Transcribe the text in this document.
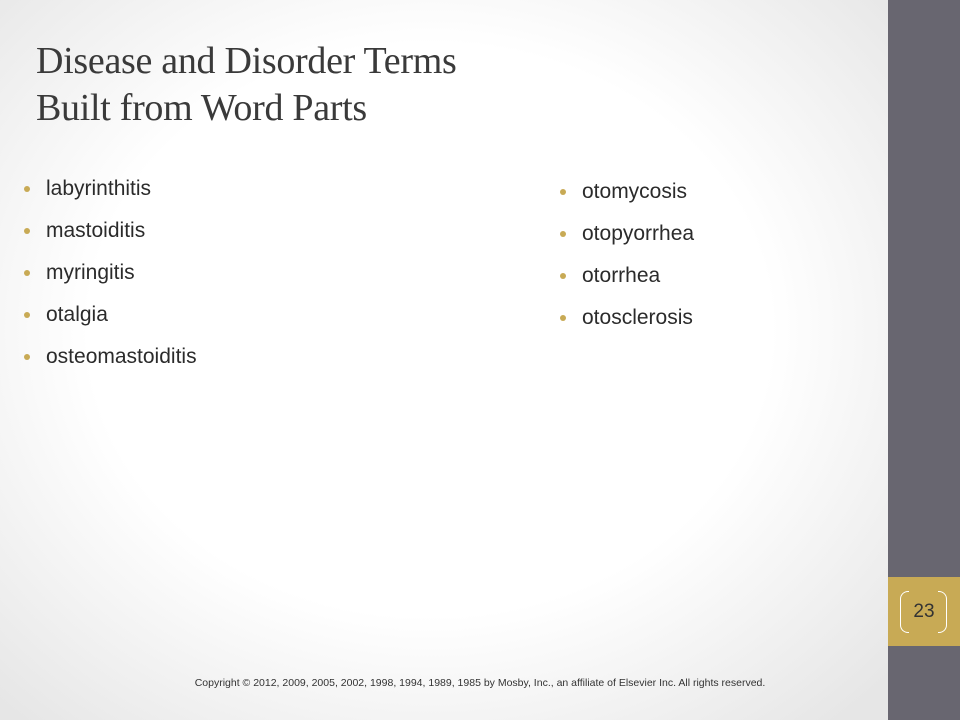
Disease and Disorder Terms
Built from Word Parts
labyrinthitis
mastoiditis
myringitis
otalgia
osteomastoiditis
otomycosis
otopyorrhea
otorrhea
otosclerosis
23
Copyright © 2012, 2009, 2005, 2002, 1998, 1994, 1989, 1985 by Mosby, Inc., an affiliate of Elsevier Inc. All rights reserved.
